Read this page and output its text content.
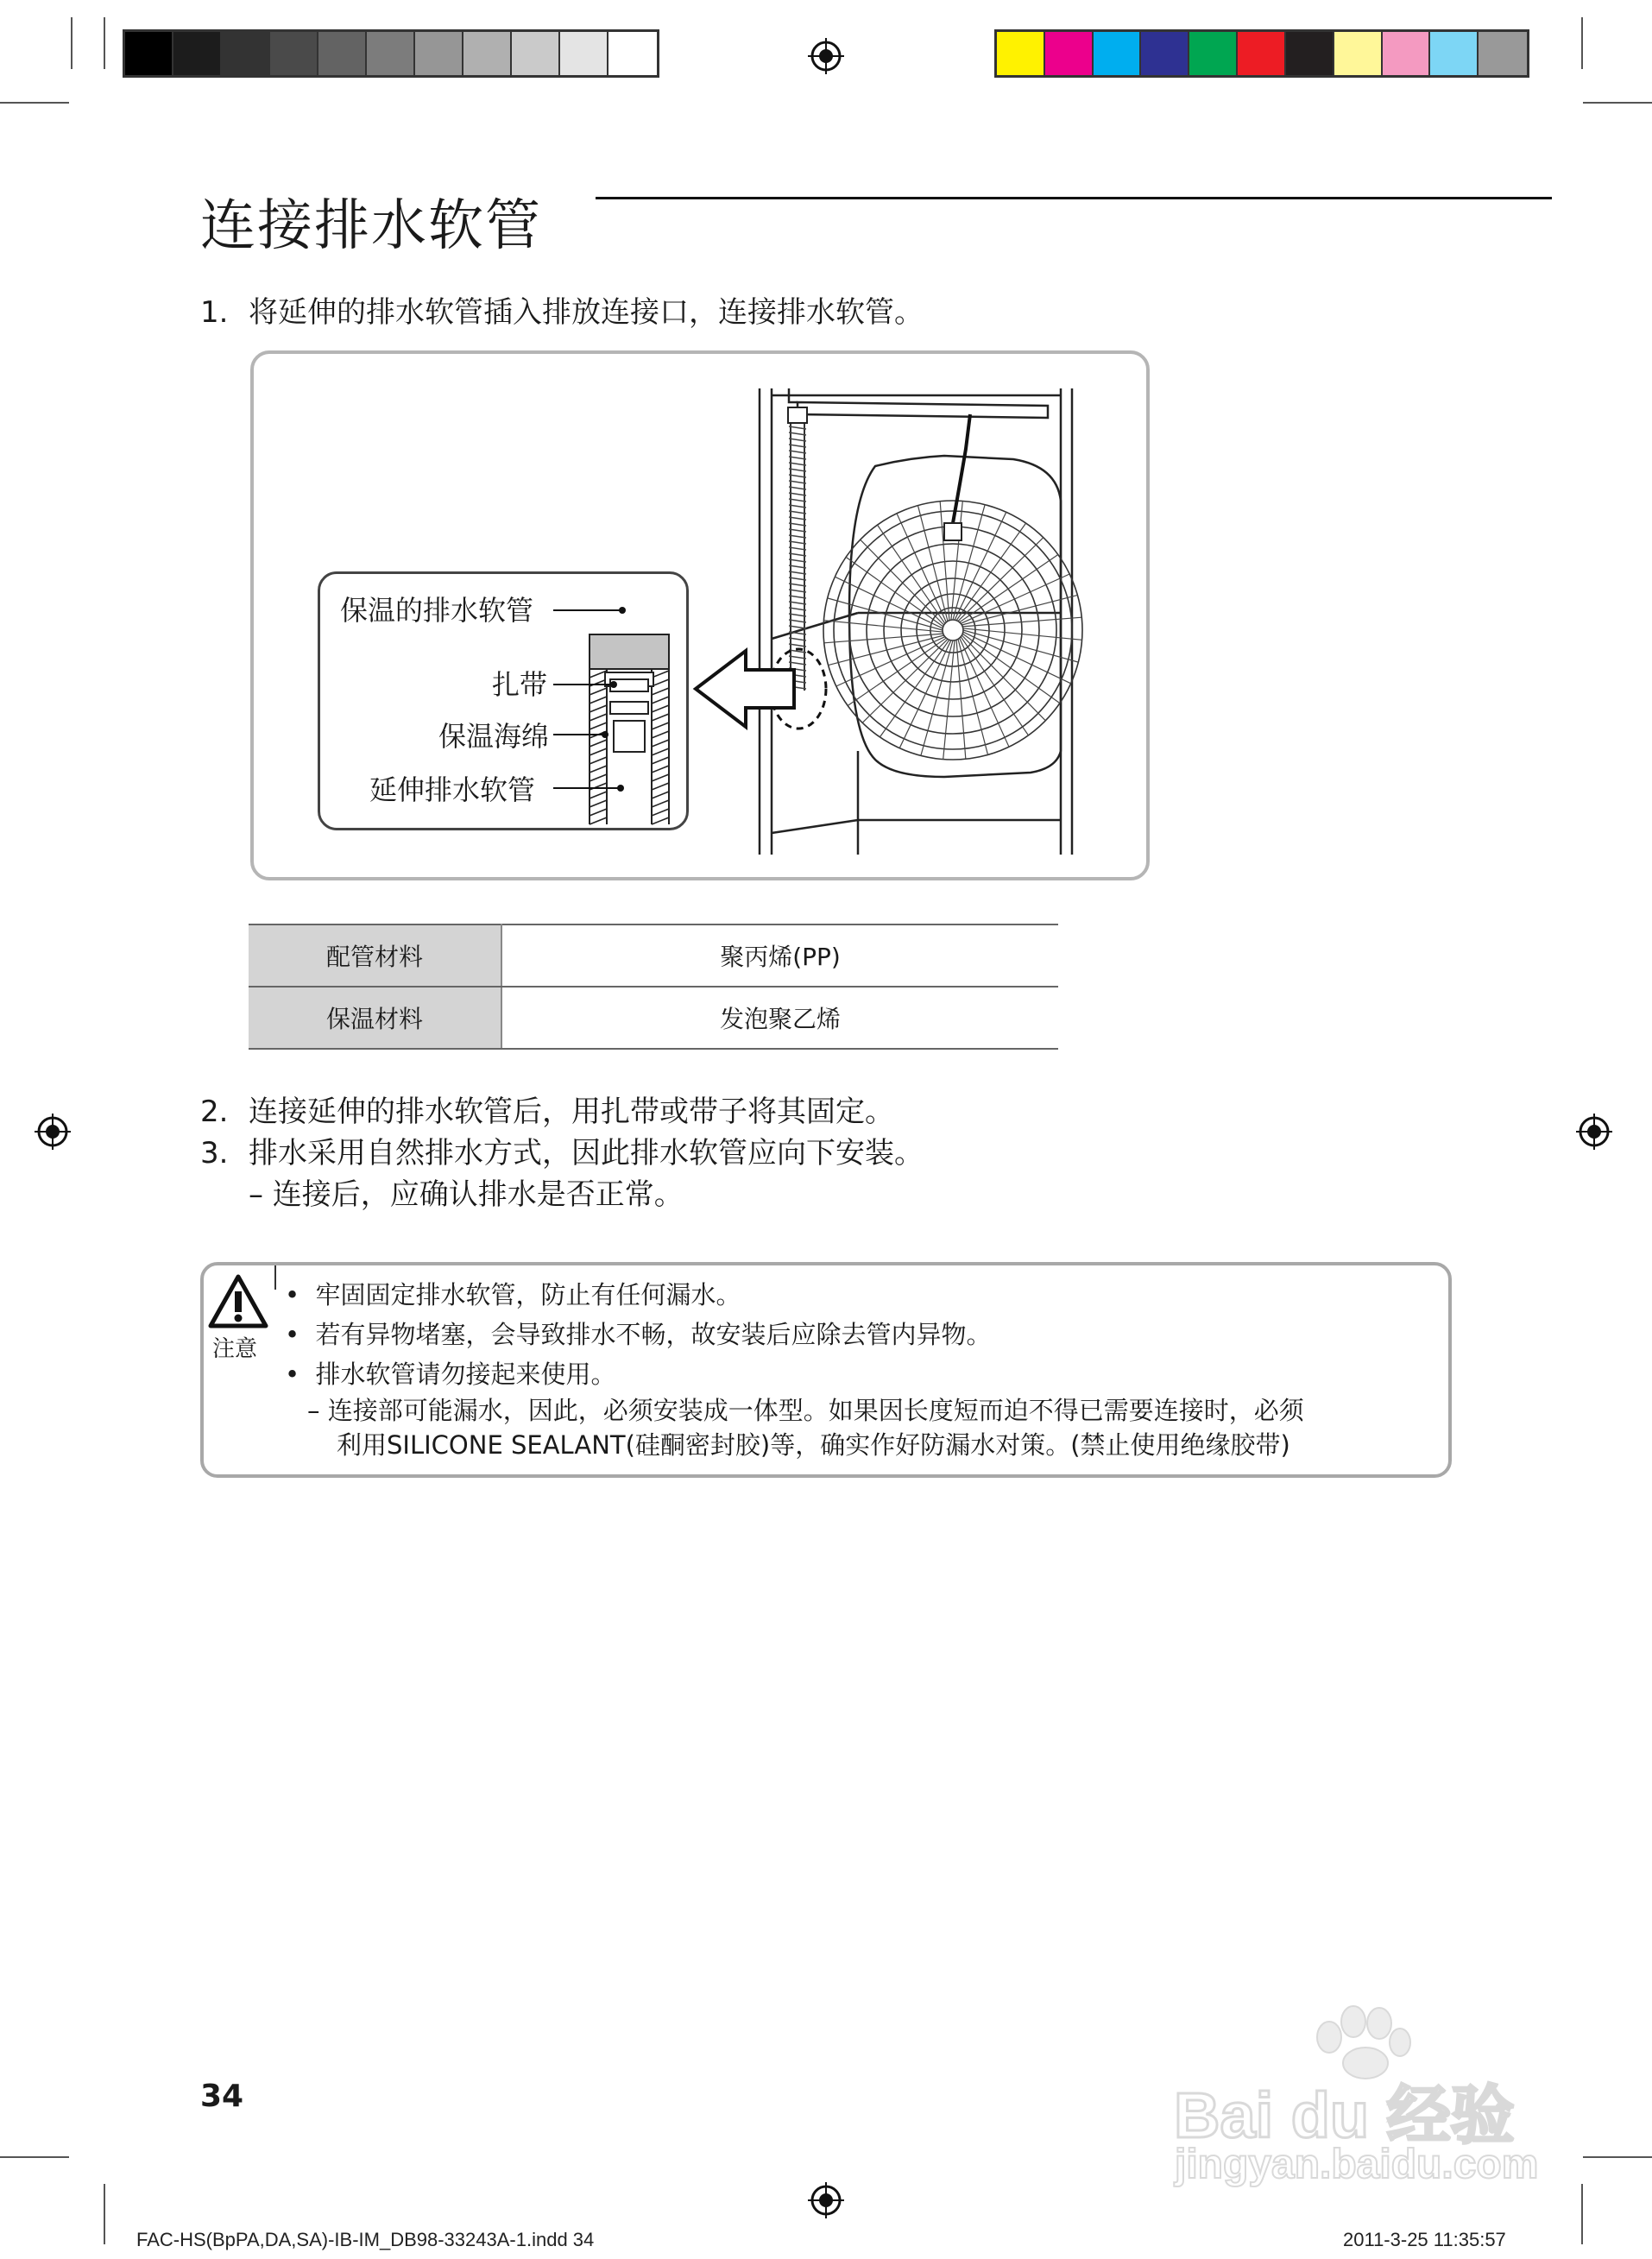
连接排水软管
1. 将延伸的排水软管插入排放连接口，连接排水软管。
保温的排水软管
扎带
保温海绵
延伸排水软管
配管材料	聚丙烯(PP)
保温材料	发泡聚乙烯
2. 连接延伸的排水软管后，用扎带或带子将其固定。
3. 排水采用自然排水方式，因此排水软管应向下安装。
– 连接后，应确认排水是否正常。
注意
•  牢固固定排水软管，防止有任何漏水。
•  若有异物堵塞，会导致排水不畅，故安装后应除去管内异物。
•  排水软管请勿接起来使用。
– 连接部可能漏水，因此，必须安装成一体型。如果因长度短而迫不得已需要连接时，必须
利用SILICONE SEALANT(硅酮密封胶)等，确实作好防漏水对策。(禁止使用绝缘胶带)
34	Bai du 经验
jingyan.baidu.com
FAC-HS(BpPA,DA,SA)-IB-IM_DB98-33243A-1.indd 34	2011-3-25 11:35:57
